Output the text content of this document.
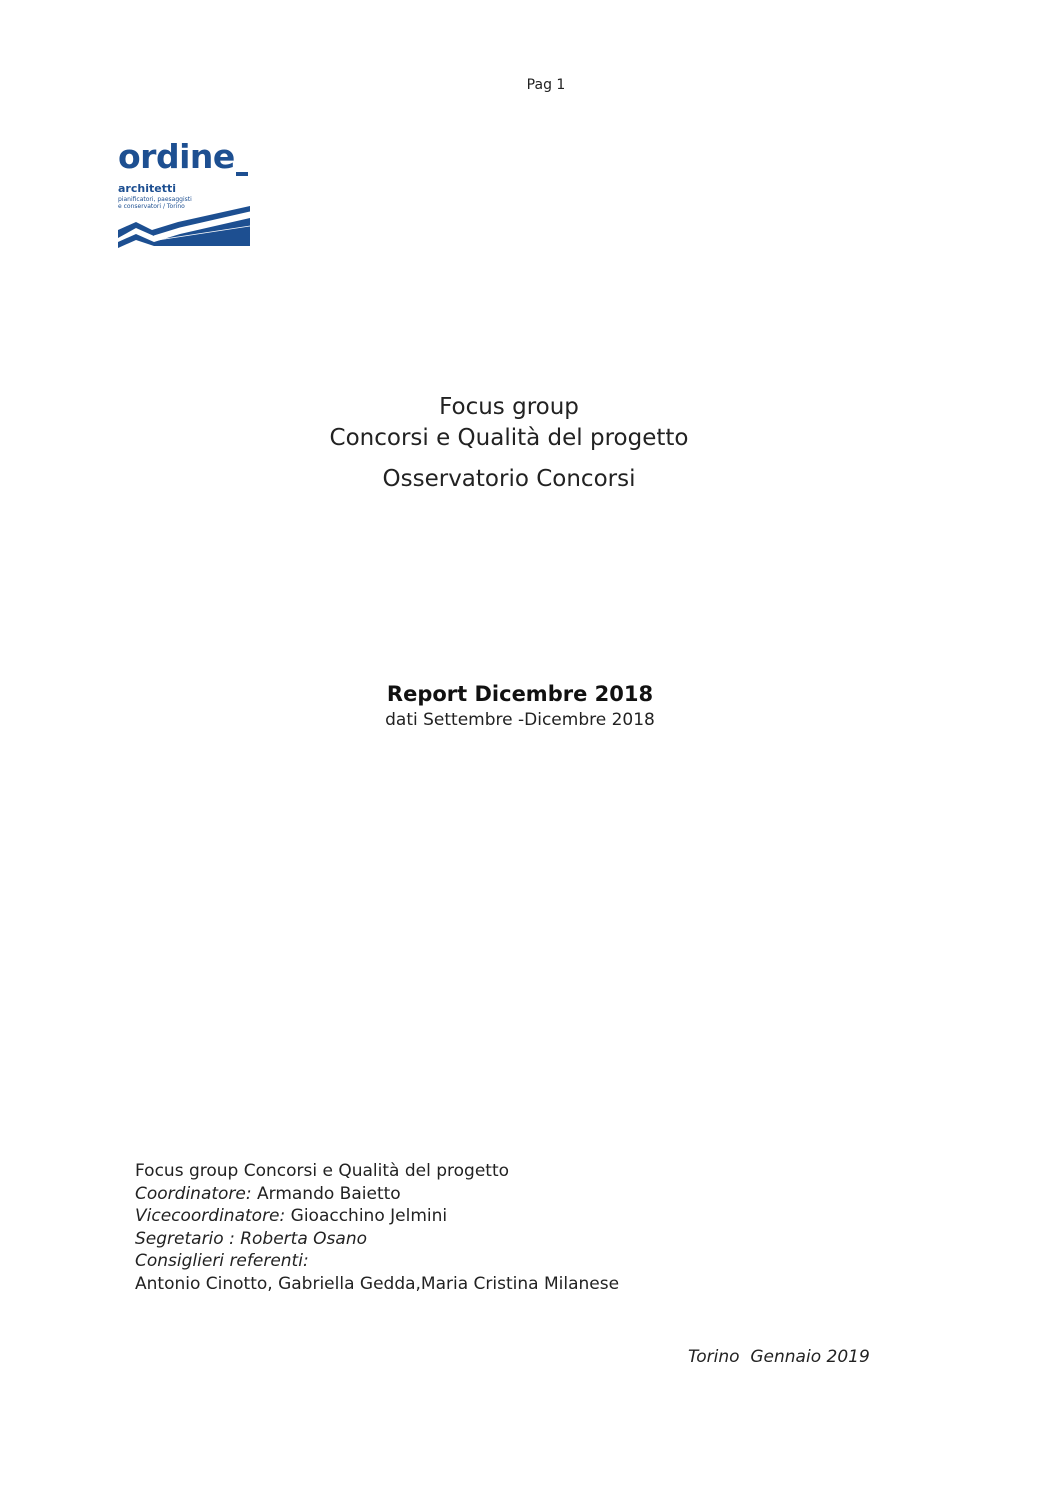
Pag 1
ordine
architetti
pianificatori, paesaggisti
e conservatori / Torino
Focus group
Concorsi e Qualità del progetto
Osservatorio Concorsi
Report Dicembre 2018
dati Settembre -Dicembre 2018
Focus group Concorsi e Qualità del progetto
Coordinatore: Armando Baietto
Vicecoordinatore: Gioacchino Jelmini
Segretario : Roberta Osano
Consiglieri referenti:
Antonio Cinotto, Gabriella Gedda,Maria Cristina Milanese
Torino  Gennaio 2019
